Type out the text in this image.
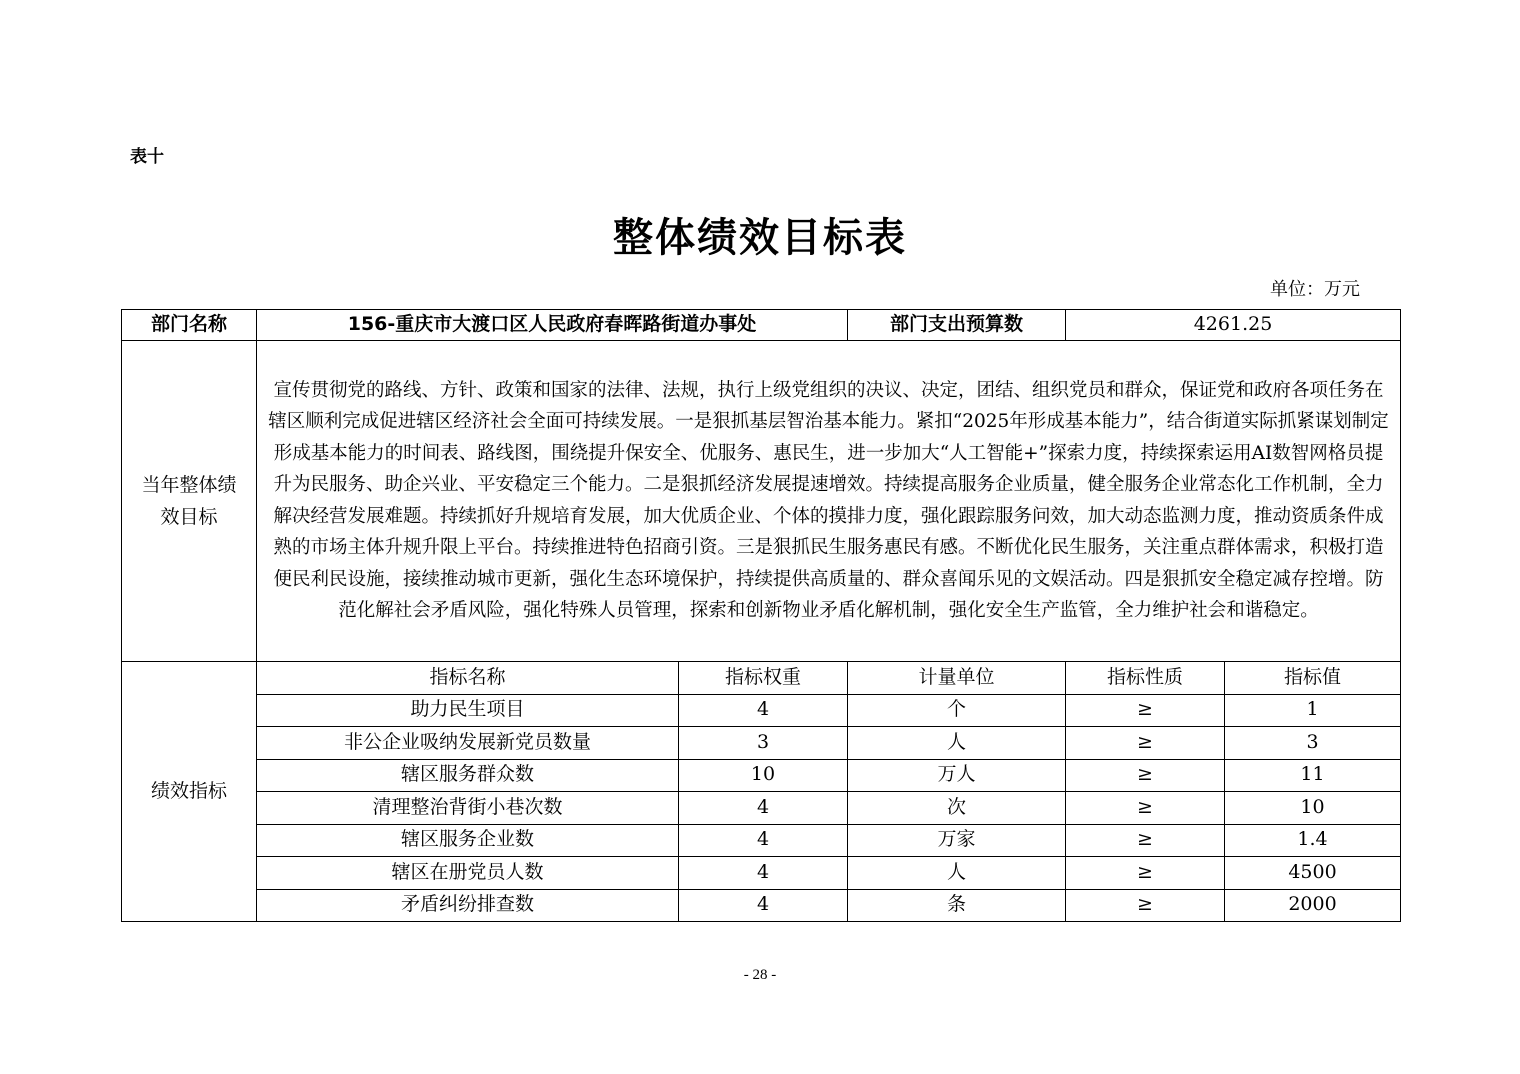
表十
整体绩效目标表
单位：万元
部门名称	156-重庆市大渡口区人民政府春晖路街道办事处		部门支出预算数	4261.25	

当年整体绩效目标	宣传贯彻党的路线、方针、政策和国家的法律、法规，执行上级党组织的决议、决定，团结、组织党员和群众，保证党和政府各项任务在辖区顺利完成促进辖区经济社会全面可持续发展。一是狠抓基层智治基本能力。紧扣“2025年形成基本能力”，结合街道实际抓紧谋划制定形成基本能力的时间表、路线图，围绕提升保安全、优服务、惠民生，进一步加大“人工智能+”探索力度，持续探索运用AI数智网格员提升为民服务、助企兴业、平安稳定三个能力。二是狠抓经济发展提速增效。持续提高服务企业质量，健全服务企业常态化工作机制，全力解决经营发展难题。持续抓好升规培育发展，加大优质企业、个体的摸排力度，强化跟踪服务问效，加大动态监测力度，推动资质条件成熟的市场主体升规升限上平台。持续推进特色招商引资。三是狠抓民生服务惠民有感。不断优化民生服务，关注重点群体需求，积极打造便民利民设施，接续推动城市更新，强化生态环境保护，持续提供高质量的、群众喜闻乐见的文娱活动。四是狠抓安全稳定减存控增。防范化解社会矛盾风险，强化特殊人员管理，探索和创新物业矛盾化解机制，强化安全生产监管，全力维护社会和谐稳定。				
绩效指标	指标名称	指标权重	计量单位	指标性质	指标值
	助力民生项目	4	个	≥	1
	非公企业吸纳发展新党员数量	3	人	≥	3
	辖区服务群众数	10	万人	≥	11
	清理整治背街小巷次数	4	次	≥	10
	辖区服务企业数	4	万家	≥	1.4
	辖区在册党员人数	4	人	≥	4500
	矛盾纠纷排查数	4	条	≥	2000
- 28 -
